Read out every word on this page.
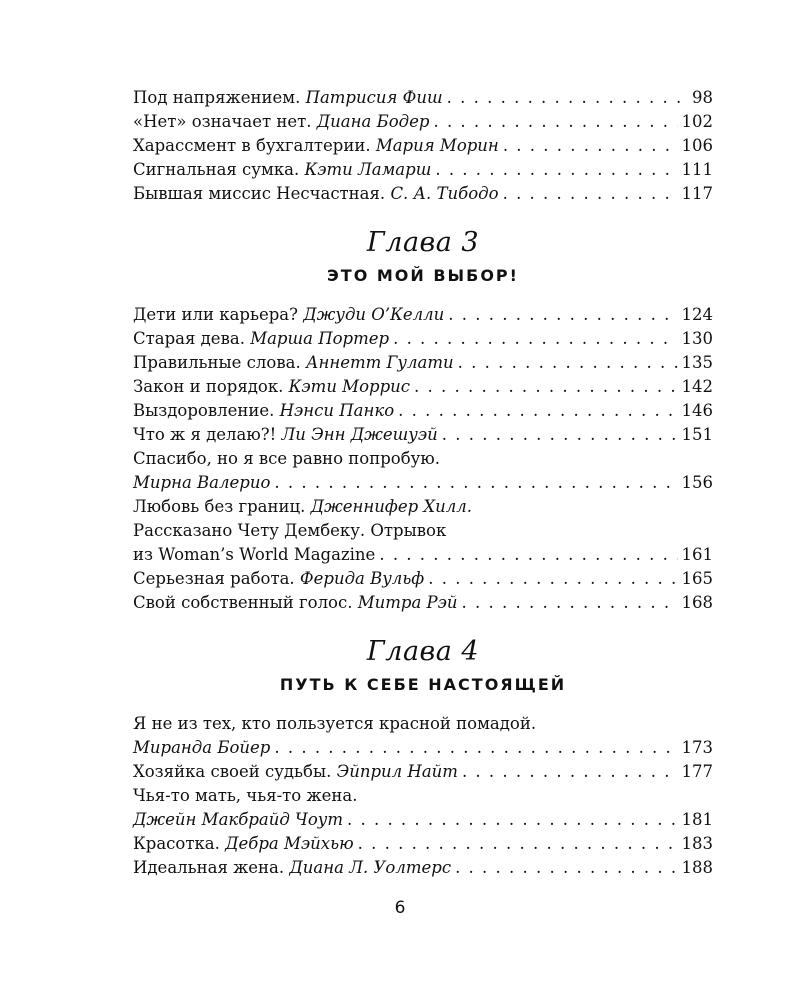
Под напряжением. Патрисия Фиш . . .	98
«Нет» означает нет. Диана Бодер . . .	102
Харассмент в бухгалтерии. Мария Морин . . .	106
Сигнальная сумка. Кэти Ламарш . . .	111
Бывшая миссис Несчастная. С. А. Тибодо . . .	117
Глава 3
ЭТО МОЙ ВЫБОР!
Дети или карьера? Джуди О’Келли . . .	124
Старая дева. Марша Портер . . .	130
Правильные слова. Аннетт Гулати . . .	135
Закон и порядок. Кэти Моррис . . .	142
Выздоровление. Нэнси Панко . . .	146
Что ж я делаю?! Ли Энн Джешуэй . . .	151
Спасибо, но я все равно попробую.
Мирна Валерио . . .	156
Любовь без границ. Дженнифер Хилл.
Рассказано Чету Дембеку. Отрывок
из Woman’s World Magazine . . .	161
Серьезная работа. Ферида Вульф . . .	165
Свой собственный голос. Митра Рэй . . .	168
Глава 4
ПУТЬ К СЕБЕ НАСТОЯЩЕЙ
Я не из тех, кто пользуется красной помадой.
Миранда Бойер . . .	173
Хозяйка своей судьбы. Эйприл Найт . . .	177
Чья-то мать, чья-то жена.
Джейн Макбрайд Чоут . . .	181
Красотка. Дебра Мэйхью . . .	183
Идеальная жена. Диана Л. Уолтерс . . .	188
6
